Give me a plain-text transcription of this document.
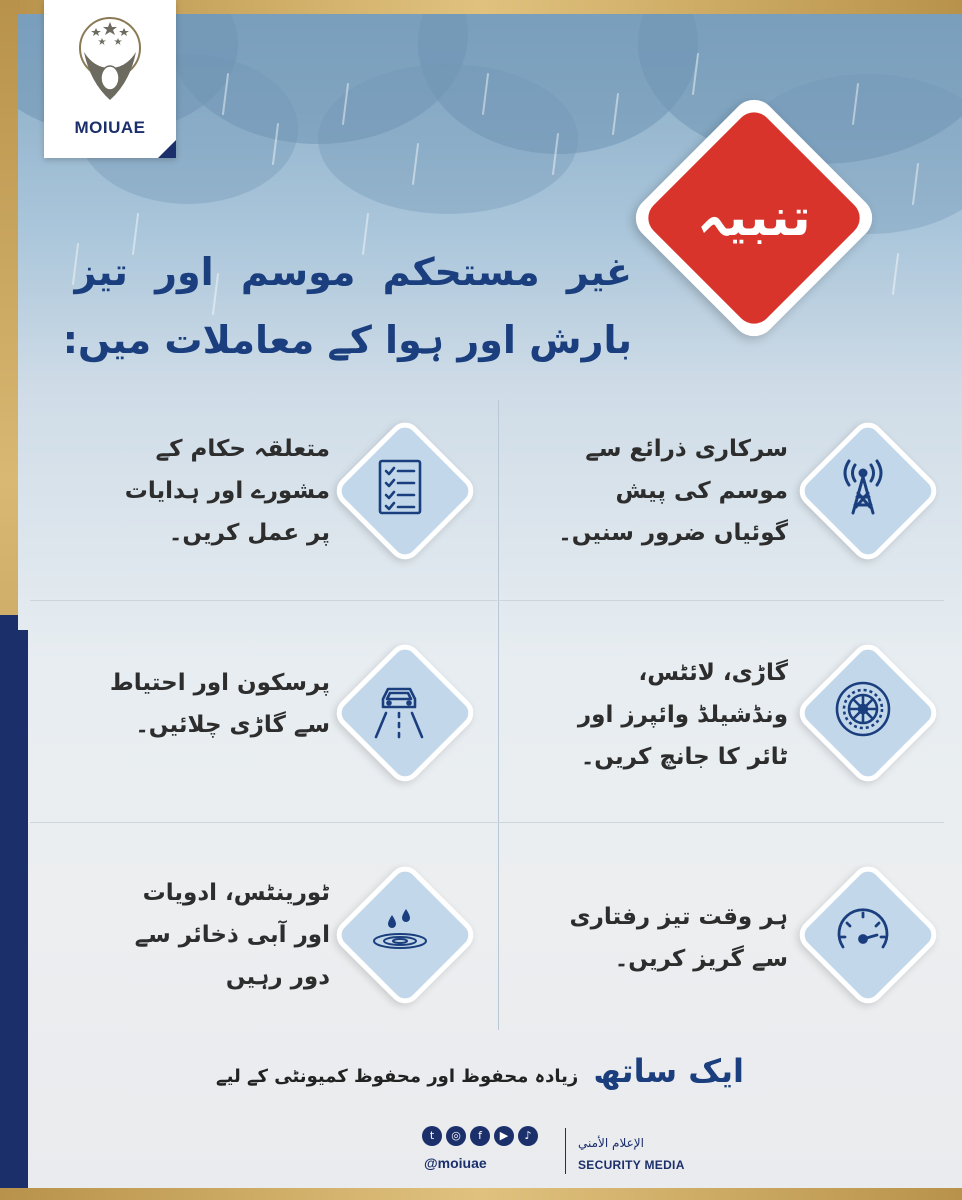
MOIUAE
تنبیہ
غیر مستحکم موسم اور تیز
بارش اور ہوا کے معاملات میں:
سرکاری ذرائع سے موسم کی پیش گوئیاں ضرور سنیں۔
متعلقہ حکام کے مشورے اور ہدایات پر عمل کریں۔
گاڑی، لائٹس، ونڈشیلڈ وائپرز اور ٹائر کا جانچ کریں۔
پرسکون اور احتیاط سے گاڑی چلائیں۔
ہر وقت تیز رفتاری سے گریز کریں۔
ٹورینٹس، ادویات اور آبی ذخائر سے دور رہیں
ایک ساتھ زیادہ محفوظ اور محفوظ کمیونٹی کے لیے
t	◎	f	▶	♪
@moiuae
الإعلام الأمني
SECURITY MEDIA
